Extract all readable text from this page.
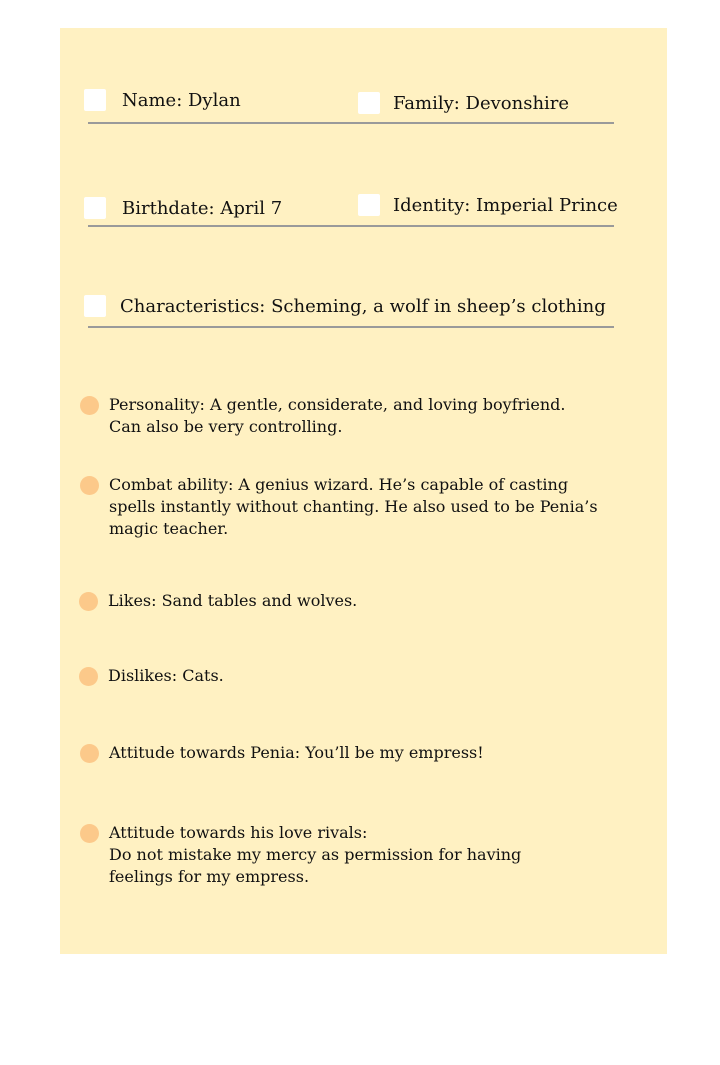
Name: Dylan	Family: Devonshire
Birthdate: April 7	Identity: Imperial Prince
Characteristics: Scheming, a wolf in sheep’s clothing
Personality: A gentle, considerate, and loving boyfriend.
Can also be very controlling.
Combat ability: A genius wizard. He’s capable of casting
spells instantly without chanting. He also used to be Penia’s
magic teacher.
Likes: Sand tables and wolves.
Dislikes: Cats.
Attitude towards Penia: You’ll be my empress!
Attitude towards his love rivals:
Do not mistake my mercy as permission for having
feelings for my empress.
